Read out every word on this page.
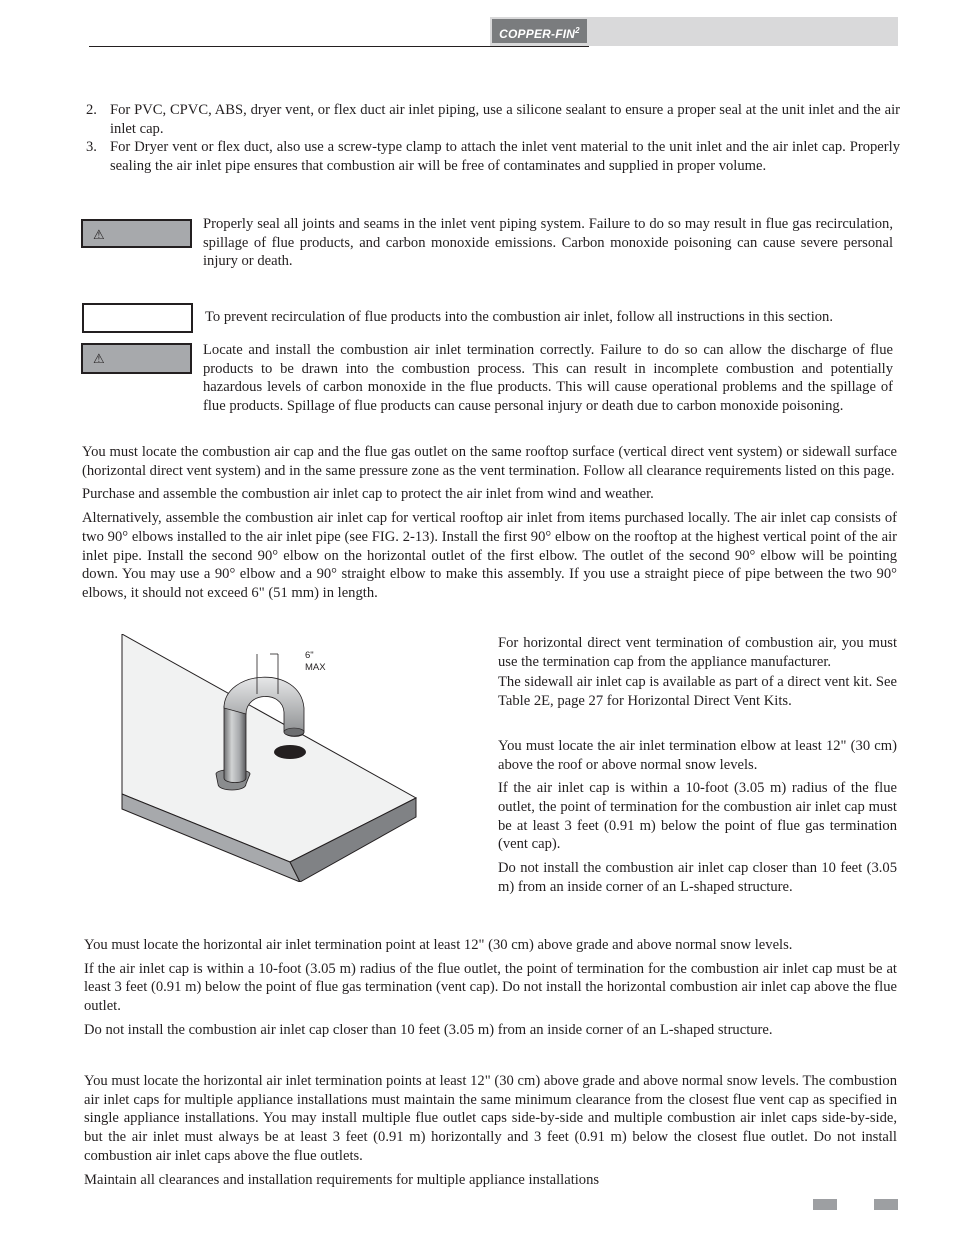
COPPER-FIN$^2$
2. For PVC, CPVC, ABS, dryer vent, or flex duct air inlet piping, use a silicone sealant to ensure a proper seal at the unit inlet and the air inlet cap.
3. For Dryer vent or flex duct, also use a screw-type clamp to attach the inlet vent material to the unit inlet and the air inlet cap. Properly sealing the air inlet pipe ensures that combustion air will be free of contaminates and supplied in proper volume.
⚠
Properly seal all joints and seams in the inlet vent piping system. Failure to do so may result in flue gas recirculation, spillage of flue products, and carbon monoxide emissions. Carbon monoxide poisoning can cause severe personal injury or death.
To prevent recirculation of flue products into the combustion air inlet, follow all instructions in this section.
⚠
Locate and install the combustion air inlet termination correctly. Failure to do so can allow the discharge of flue products to be drawn into the combustion process. This can result in incomplete combustion and potentially hazardous levels of carbon monoxide in the flue products. This will cause operational problems and the spillage of flue products. Spillage of flue products can cause personal injury or death due to carbon monoxide poisoning.
You must locate the combustion air cap and the flue gas outlet on the same rooftop surface (vertical direct vent system) or sidewall surface (horizontal direct vent system) and in the same pressure zone as the vent termination. Follow all clearance requirements listed on this page.
Purchase and assemble the combustion air inlet cap to protect the air inlet from wind and weather.
Alternatively, assemble the combustion air inlet cap for vertical rooftop air inlet from items purchased locally. The air inlet cap consists of two 90° elbows installed to the air inlet pipe (see FIG. 2-13). Install the first 90° elbow on the rooftop at the highest vertical point of the air inlet pipe. Install the second 90° elbow on the horizontal outlet of the first elbow. The outlet of the second 90° elbow will be pointing down. You may use a 90° elbow and a 90° straight elbow to make this assembly. If you use a straight piece of pipe between the two 90° elbows, it should not exceed 6" (51 mm) in length.
6"
MAX
For horizontal direct vent termination of combustion air, you must use the termination cap from the appliance manufacturer.
The sidewall air inlet cap is available as part of a direct vent kit. See Table 2E, page 27 for Horizontal Direct Vent Kits.
You must locate the air inlet termination elbow at least 12" (30 cm) above the roof or above normal snow levels.
If the air inlet cap is within a 10-foot (3.05 m) radius of the flue outlet, the point of termination for the combustion air inlet cap must be at least 3 feet (0.91 m) below the point of flue gas termination (vent cap).
Do not install the combustion air inlet cap closer than 10 feet (3.05 m) from an inside corner of an L-shaped structure.
You must locate the horizontal air inlet termination point at least 12" (30 cm) above grade and above normal snow levels.
If the air inlet cap is within a 10-foot (3.05 m) radius of the flue outlet, the point of termination for the combustion air inlet cap must be at least 3 feet (0.91 m) below the point of flue gas termination (vent cap). Do not install the horizontal combustion air inlet cap above the flue outlet.
Do not install the combustion air inlet cap closer than 10 feet (3.05 m) from an inside corner of an L-shaped structure.
You must locate the horizontal air inlet termination points at least 12" (30 cm) above grade and above normal snow levels. The combustion air inlet caps for multiple appliance installations must maintain the same minimum clearance from the closest flue vent cap as specified in single appliance installations. You may install multiple flue outlet caps side-by-side and multiple combustion air inlet caps side-by-side, but the air inlet must always be at least 3 feet (0.91 m) horizontally and 3 feet (0.91 m) below the closest flue outlet. Do not install combustion air inlet caps above the flue outlets.
Maintain all clearances and installation requirements for multiple appliance installations
